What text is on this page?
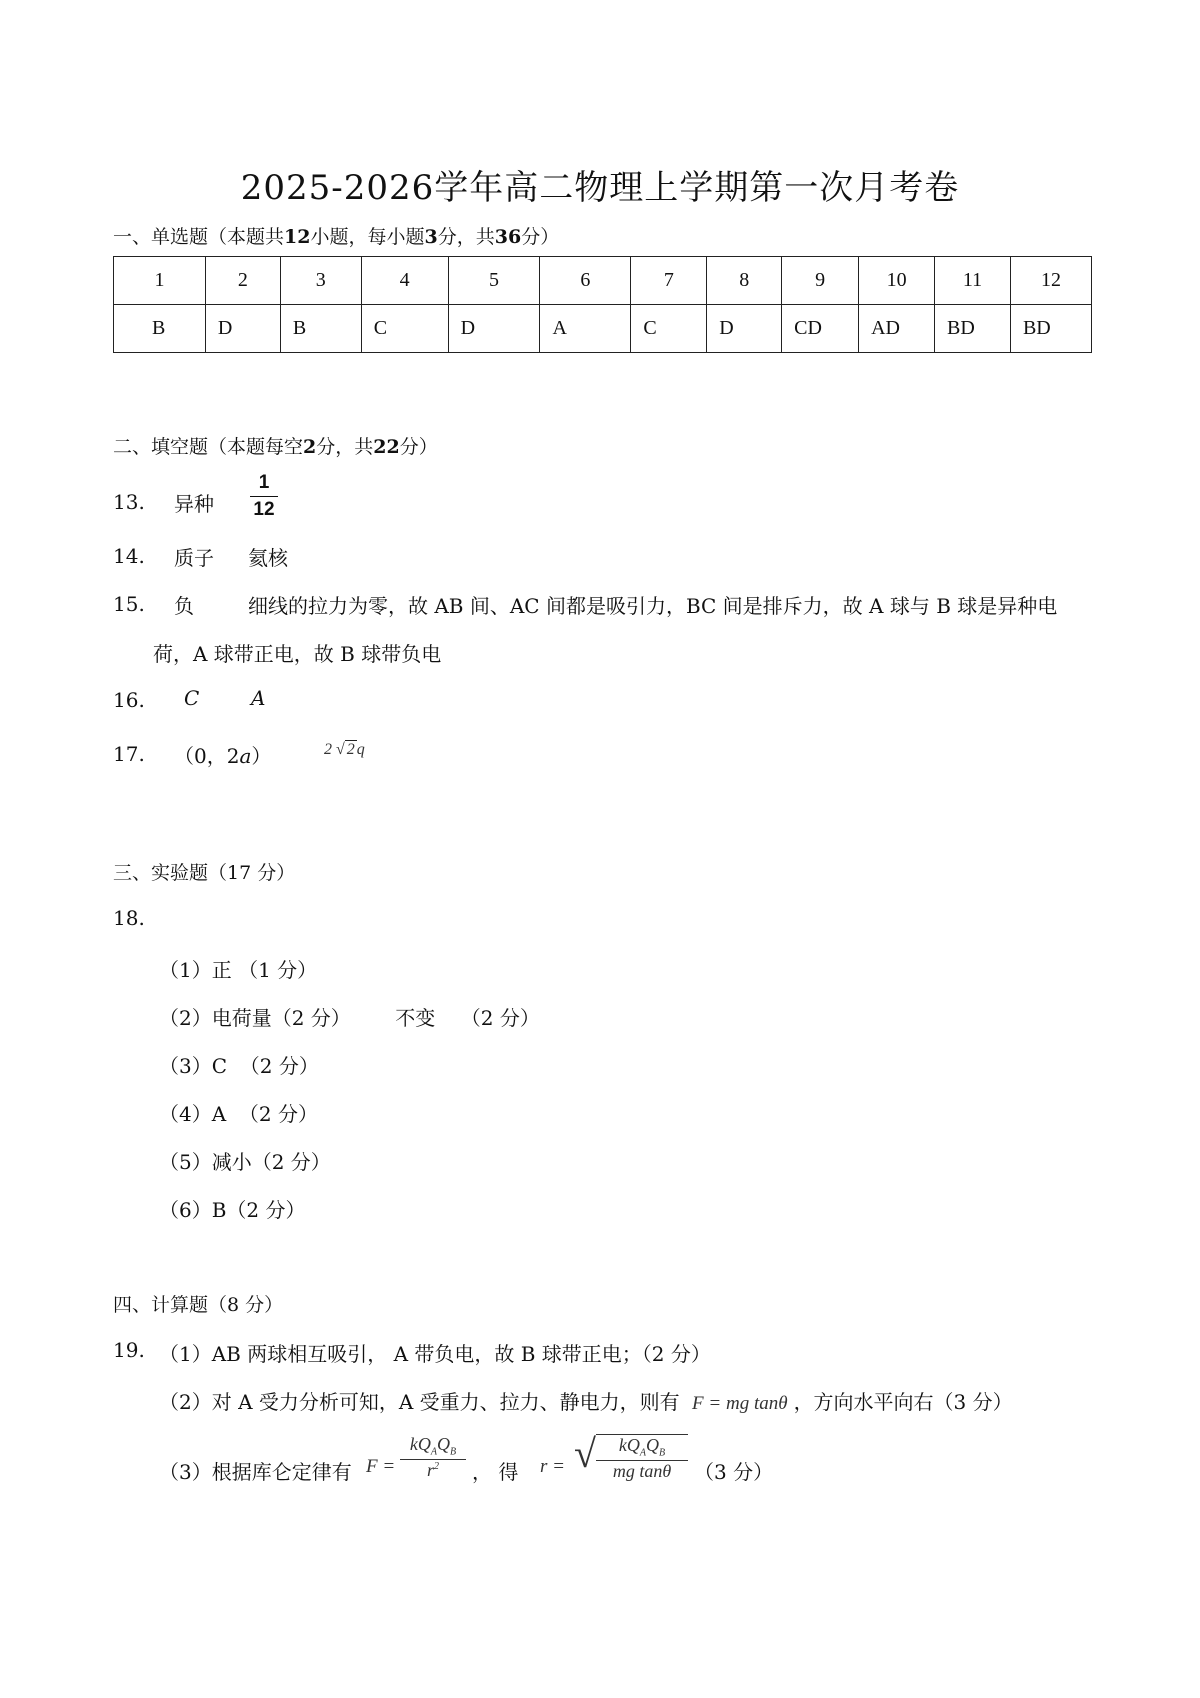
2025-2026学年高二物理上学期第一次月考卷
一、单选题（本题共12小题，每小题3分，共36分）
1	2	3	4	5	6	7	8	9	10	11	12
B	D	B	C	D	A	C	D	CD	AD	BD	BD
二、填空题（本题每空2分，共22分）
13. 异种
1
12
14. 质子 氦核
15. 负	细线的拉力为零，故 AB 间、AC 间都是吸引力，BC 间是排斥力，故 A 球与 B 球是异种电
荷，A 球带正电，故 B 球带负电
16. C	A
17. （0，2a）	2 √ 2 q
三、实验题（17 分）
18.
（1）正 （1 分）
（2）电荷量（2 分）       不变    （2 分）
（3）C  （2 分）
（4）A  （2 分）
（5）减小（2 分）
（6）B（2 分）
四、计算题（8 分）
19. （1）AB 两球相互吸引， A 带负电，故 B 球带正电；（2 分）
（2）对 A 受力分析可知，A 受重力、拉力、静电力，则有 F = mg tanθ ，方向水平向右（3 分）
（3）根据库仑定律有 F =
$kQ_AQ_B$
$r^2$	， 得 r = √	$kQ_AQ_B$
mg tanθ	（3 分）
